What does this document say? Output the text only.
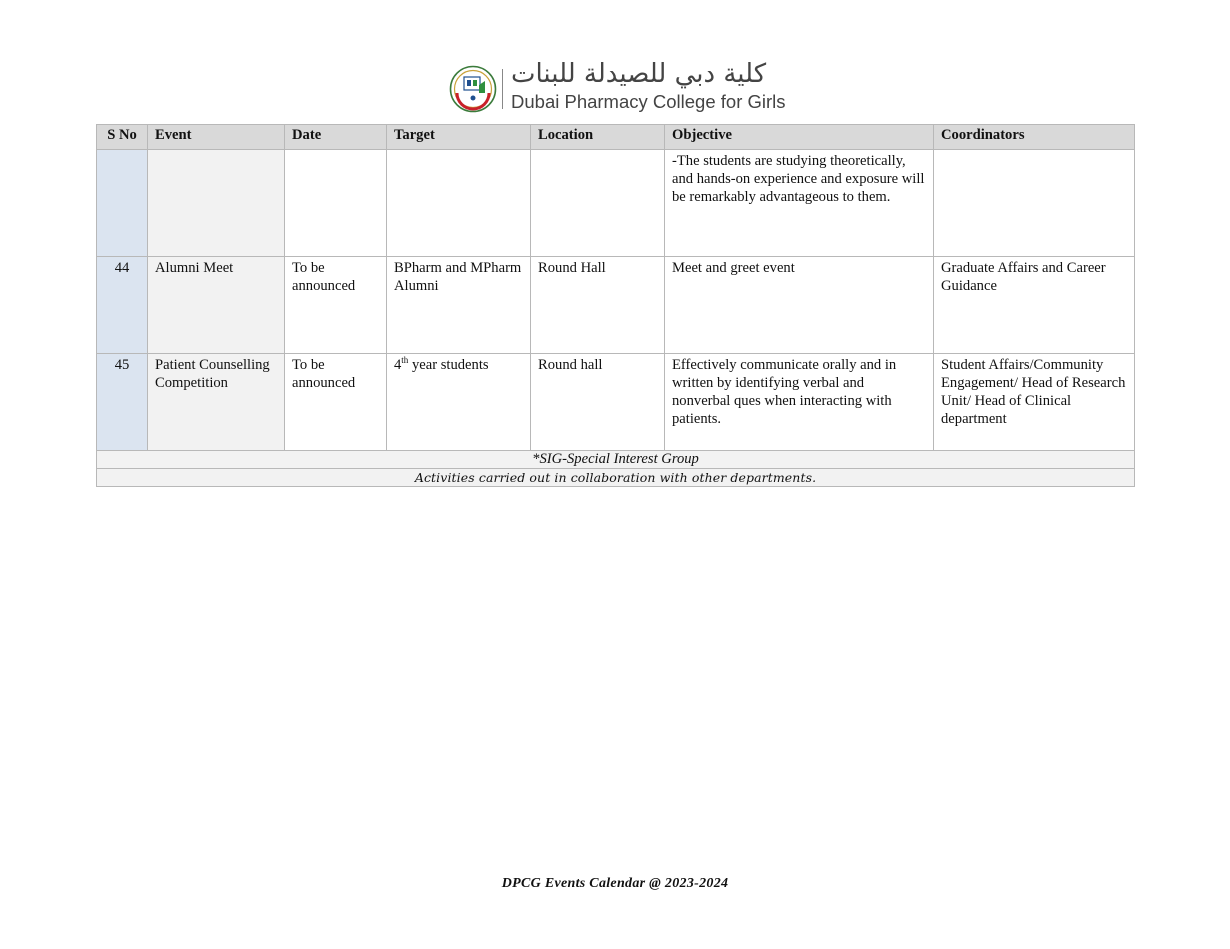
كلية دبي للصيدلة للبنات
Dubai Pharmacy College for Girls
S No	Event	Date	Target	Location	Objective	Coordinators
					-The students are studying theoretically, and hands-on experience and exposure will be remarkably advantageous to them.	
44	Alumni Meet	To be announced	BPharm and MPharm Alumni	Round Hall	Meet and greet event	Graduate Affairs and Career Guidance
45	Patient Counselling Competition	To be announced	4th year students	Round hall	Effectively communicate orally and in written by identifying verbal and nonverbal ques when interacting with patients.	Student Affairs/Community Engagement/ Head of Research Unit/ Head of Clinical department
*SIG-Special Interest Group						
Activities carried out in collaboration with other departments.						
DPCG Events Calendar @ 2023-2024
